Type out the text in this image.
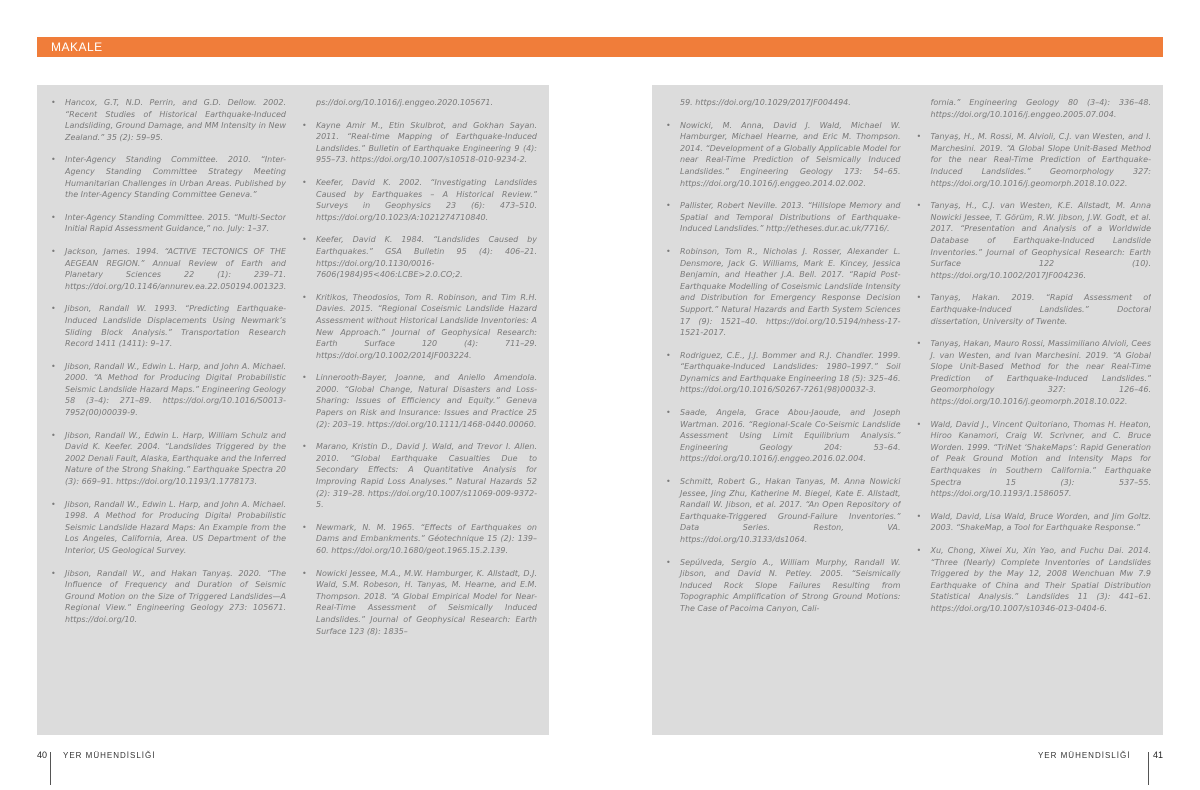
MAKALE
• Hancox, G.T, N.D. Perrin, and G.D. Dellow. 2002. “Recent Studies of Historical Earthquake-Induced Landsliding, Ground Damage, and MM Intensity in New Zealand.” 35 (2): 59–95.
• Inter-Agency Standing Committee. 2010. “Inter-Agency Standing Committee Strategy Meeting Humanitarian Challenges in Urban Areas. Published by the Inter-Agency Standing Committee Geneva.”
• Inter-Agency Standing Committee. 2015. “Multi-Sector Initial Rapid Assessment Guidance,” no. July: 1–37.
• Jackson, James. 1994. “ACTIVE TECTONICS OF THE AEGEAN REGION.” Annual Review of Earth and Planetary Sciences 22 (1): 239–71. https://doi.org/10.1146/annurev.ea.22.050194.001323.
• Jibson, Randall W. 1993. “Predicting Earthquake-Induced Landslide Displacements Using Newmark’s Sliding Block Analysis.” Transportation Research Record 1411 (1411): 9–17.
• Jibson, Randall W., Edwin L. Harp, and John A. Michael. 2000. “A Method for Producing Digital Probabilistic Seismic Landslide Hazard Maps.” Engineering Geology 58 (3–4): 271–89. https://doi.org/10.1016/S0013-7952(00)00039-9.
• Jibson, Randall W., Edwin L. Harp, William Schulz and David K. Keefer. 2004. “Landslides Triggered by the 2002 Denali Fault, Alaska, Earthquake and the Inferred Nature of the Strong Shaking.” Earthquake Spectra 20 (3): 669–91. https://doi.org/10.1193/1.1778173.
• Jibson, Randall W., Edwin L. Harp, and John A. Michael. 1998. A Method for Producing Digital Probabilistic Seismic Landslide Hazard Maps: An Example from the Los Angeles, California, Area. US Department of the Interior, US Geological Survey.
• Jibson, Randall W., and Hakan Tanyaş. 2020. “The Influence of Frequency and Duration of Seismic Ground Motion on the Size of Triggered Landslides—A Regional View.” Engineering Geology 273: 105671. https://doi.org/10.
ps://doi.org/10.1016/j.enggeo.2020.105671.
• Kayne Amir M., Etin Skulbrot, and Gokhan Sayan. 2011. “Real-time Mapping of Earthquake-Induced Landslides.” Bulletin of Earthquake Engineering 9 (4): 955–73. https://doi.org/10.1007/s10518-010-9234-2.
• Keefer, David K. 2002. “Investigating Landslides Caused by Earthquakes – A Historical Review.” Surveys in Geophysics 23 (6): 473–510. https://doi.org/10.1023/A:1021274710840.
• Keefer, David K. 1984. “Landslides Caused by Earthquakes.” GSA Bulletin 95 (4): 406–21. https://doi.org/10.1130/0016-7606(1984)95<406:LCBE>2.0.CO;2.
• Kritikos, Theodosios, Tom R. Robinson, and Tim R.H. Davies. 2015. “Regional Coseismic Landslide Hazard Assessment without Historical Landslide Inventories: A New Approach.” Journal of Geophysical Research: Earth Surface 120 (4): 711–29. https://doi.org/10.1002/2014JF003224.
• Linnerooth-Bayer, Joanne, and Aniello Amendola. 2000. “Global Change, Natural Disasters and Loss-Sharing: Issues of Efficiency and Equity.” Geneva Papers on Risk and Insurance: Issues and Practice 25 (2): 203–19. https://doi.org/10.1111/1468-0440.00060.
• Marano, Kristin D., David J. Wald, and Trevor I. Allen. 2010. “Global Earthquake Casualties Due to Secondary Effects: A Quantitative Analysis for Improving Rapid Loss Analyses.” Natural Hazards 52 (2): 319–28. https://doi.org/10.1007/s11069-009-9372-5.
• Newmark, N. M. 1965. “Effects of Earthquakes on Dams and Embankments.” Géotechnique 15 (2): 139–60. https://doi.org/10.1680/geot.1965.15.2.139.
• Nowicki Jessee, M.A., M.W. Hamburger, K. Allstadt, D.J. Wald, S.M. Robeson, H. Tanyas, M. Hearne, and E.M. Thompson. 2018. “A Global Empirical Model for Near-Real-Time Assessment of Seismically Induced Landslides.” Journal of Geophysical Research: Earth Surface 123 (8): 1835–
59. https://doi.org/10.1029/2017JF004494.
• Nowicki, M. Anna, David J. Wald, Michael W. Hamburger, Michael Hearne, and Eric M. Thompson. 2014. “Development of a Globally Applicable Model for near Real-Time Prediction of Seismically Induced Landslides.” Engineering Geology 173: 54–65. https://doi.org/10.1016/j.enggeo.2014.02.002.
• Pallister, Robert Neville. 2013. “Hillslope Memory and Spatial and Temporal Distributions of Earthquake-Induced Landslides.” http://etheses.dur.ac.uk/7716/.
• Robinson, Tom R., Nicholas J. Rosser, Alexander L. Densmore, Jack G. Williams, Mark E. Kincey, Jessica Benjamin, and Heather J.A. Bell. 2017. “Rapid Post-Earthquake Modelling of Coseismic Landslide Intensity and Distribution for Emergency Response Decision Support.” Natural Hazards and Earth System Sciences 17 (9): 1521–40. https://doi.org/10.5194/nhess-17-1521-2017.
• Rodriguez, C.E., J.J. Bommer and R.J. Chandler. 1999. “Earthquake-Induced Landslides: 1980–1997.” Soil Dynamics and Earthquake Engineering 18 (5): 325–46. https://doi.org/10.1016/S0267-7261(98)00032-3.
• Saade, Angela, Grace Abou-Jaoude, and Joseph Wartman. 2016. “Regional-Scale Co-Seismic Landslide Assessment Using Limit Equilibrium Analysis.” Engineering Geology 204: 53–64. https://doi.org/10.1016/j.enggeo.2016.02.004.
• Schmitt, Robert G., Hakan Tanyas, M. Anna Nowicki Jessee, Jing Zhu, Katherine M. Biegel, Kate E. Allstadt, Randall W. Jibson, et al. 2017. “An Open Repository of Earthquake-Triggered Ground-Failure Inventories.” Data Series. Reston, VA. https://doi.org/10.3133/ds1064.
• Sepúlveda, Sergio A., William Murphy, Randall W. Jibson, and David N. Petley. 2005. “Seismically Induced Rock Slope Failures Resulting from Topographic Amplification of Strong Ground Motions: The Case of Pacoima Canyon, Cali-
fornia.” Engineering Geology 80 (3–4): 336–48. https://doi.org/10.1016/j.enggeo.2005.07.004.
• Tanyaş, H., M. Rossi, M. Alvioli, C.J. van Westen, and I. Marchesini. 2019. “A Global Slope Unit-Based Method for the near Real-Time Prediction of Earthquake-Induced Landslides.” Geomorphology 327: https://doi.org/10.1016/j.geomorph.2018.10.022.
• Tanyaş, H., C.J. van Westen, K.E. Allstadt, M. Anna Nowicki Jessee, T. Görüm, R.W. Jibson, J.W. Godt, et al. 2017. “Presentation and Analysis of a Worldwide Database of Earthquake-Induced Landslide Inventories.” Journal of Geophysical Research: Earth Surface 122 (10). https://doi.org/10.1002/2017JF004236.
• Tanyaş, Hakan. 2019. “Rapid Assessment of Earthquake-Induced Landslides.” Doctoral dissertation, University of Twente.
• Tanyaş, Hakan, Mauro Rossi, Massimiliano Alvioli, Cees J. van Westen, and Ivan Marchesini. 2019. “A Global Slope Unit-Based Method for the near Real-Time Prediction of Earthquake-Induced Landslides.” Geomorphology 327: 126–46. https://doi.org/10.1016/j.geomorph.2018.10.022.
• Wald, David J., Vincent Quitoriano, Thomas H. Heaton, Hiroo Kanamori, Craig W. Scrivner, and C. Bruce Worden. 1999. “TriNet ‘ShakeMaps’: Rapid Generation of Peak Ground Motion and Intensity Maps for Earthquakes in Southern California.” Earthquake Spectra 15 (3): 537–55. https://doi.org/10.1193/1.1586057.
• Wald, David, Lisa Wald, Bruce Worden, and Jim Goltz. 2003. “ShakeMap, a Tool for Earthquake Response.”
• Xu, Chong, Xiwei Xu, Xin Yao, and Fuchu Dai. 2014. “Three (Nearly) Complete Inventories of Landslides Triggered by the May 12, 2008 Wenchuan Mw 7.9 Earthquake of China and Their Spatial Distribution Statistical Analysis.” Landslides 11 (3): 441–61. https://doi.org/10.1007/s10346-013-0404-6.
40 YER MÜHENDİSLİĞİ	YER MÜHENDİSLİĞİ	41
